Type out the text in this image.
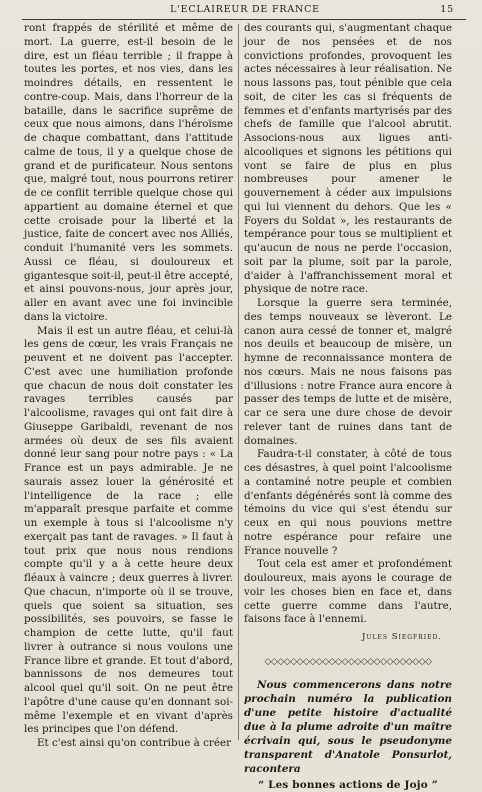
L'ECLAIREUR DE FRANCE	15

ront frappés de stérilité et même de mort. La guerre, est-il besoin de le dire, est un fléau terrible ; il frappe à toutes les portes, et nos vies, dans les moindres détails, en ressentent le contre-coup. Mais, dans l'horreur de la bataille, dans le sacrifice suprême de ceux que nous aimons, dans l'héroïsme de chaque combattant, dans l'attitude calme de tous, il y a quelque chose de grand et de purificateur. Nous sentons que, malgré tout, nous pourrons retirer de ce conflit terrible quelque chose qui appartient au domaine éternel et que cette croisade pour la liberté et la justice, faite de concert avec nos Alliés, conduit l'humanité vers les sommets. Aussi ce fléau, si douloureux et gigantesque soit-il, peut-il être accepté, et ainsi pouvons-nous, jour après jour, aller en avant avec une foi invincible dans la victoire.

Mais il est un autre fléau, et celui-là les gens de cœur, les vrais Français ne peuvent et ne doivent pas l'accepter. C'est avec une humiliation profonde que chacun de nous doit constater les ravages terribles causés par l'alcoolisme, ravages qui ont fait dire à Giuseppe Garibaldi, revenant de nos armées où deux de ses fils avaient donné leur sang pour notre pays : « La France est un pays admirable. Je ne saurais assez louer la générosité et l'intelligence de la race ; elle m'apparaît presque parfaite et comme un exemple à tous si l'alcoolisme n'y exerçait pas tant de ravages. » Il faut à tout prix que nous nous rendions compte qu'il y a à cette heure deux fléaux à vaincre ; deux guerres à livrer. Que chacun, n'importe où il se trouve, quels que soient sa situation, ses possibilités, ses pouvoirs, se fasse le champion de cette lutte, qu'il faut livrer à outrance si nous voulons une France libre et grande. Et tout d'abord, bannissons de nos demeures tout alcool quel qu'il soit. On ne peut être l'apôtre d'une cause qu'en donnant soi-même l'exemple et en vivant d'après les principes que l'on défend.

Et c'est ainsi qu'on contribue à créer

des courants qui, s'augmentant chaque jour de nos pensées et de nos convictions profondes, provoquent les actes nécessaires à leur réalisation. Ne nous lassons pas, tout pénible que cela soit, de citer les cas si fréquents de femmes et d'enfants martyrisés par des chefs de famille que l'alcool abrutit. Associons-nous aux ligues anti-alcooliques et signons les pétitions qui vont se faire de plus en plus nombreuses pour amener le gouvernement à céder aux impulsions qui lui viennent du dehors. Que les « Foyers du Soldat », les restaurants de tempérance pour tous se multiplient et qu'aucun de nous ne perde l'occasion, soit par la plume, soit par la parole, d'aider à l'affranchissement moral et physique de notre race.

Lorsque la guerre sera terminée, des temps nouveaux se lèveront. Le canon aura cessé de tonner et, malgré nos deuils et beaucoup de misère, un hymne de reconnaissance montera de nos cœurs. Mais ne nous faisons pas d'illusions : notre France aura encore à passer des temps de lutte et de misère, car ce sera une dure chose de devoir relever tant de ruines dans tant de domaines.

Faudra-t-il constater, à côté de tous ces désastres, à quel point l'alcoolisme a contaminé notre peuple et combien d'enfants dégénérés sont là comme des témoins du vice qui s'est étendu sur ceux en qui nous pouvions mettre notre espérance pour refaire une France nouvelle ?

Tout cela est amer et profondément douloureux, mais ayons le courage de voir les choses bien en face et, dans cette guerre comme dans l'autre, faisons face à l'ennemi.

Jules Siegfried.
◇◇◇◇◇◇◇◇◇◇◇◇◇◇◇◇◇◇◇◇◇◇◇◇◇◇

Nous commencerons dans notre prochain numéro la publication d'une petite histoire d'actualité due à la plume adroite d'un maître écrivain qui, sous le pseudonyme transparent d'Anatole Ponsurlot, racontera

“ Les bonnes actions de Jojo ”
